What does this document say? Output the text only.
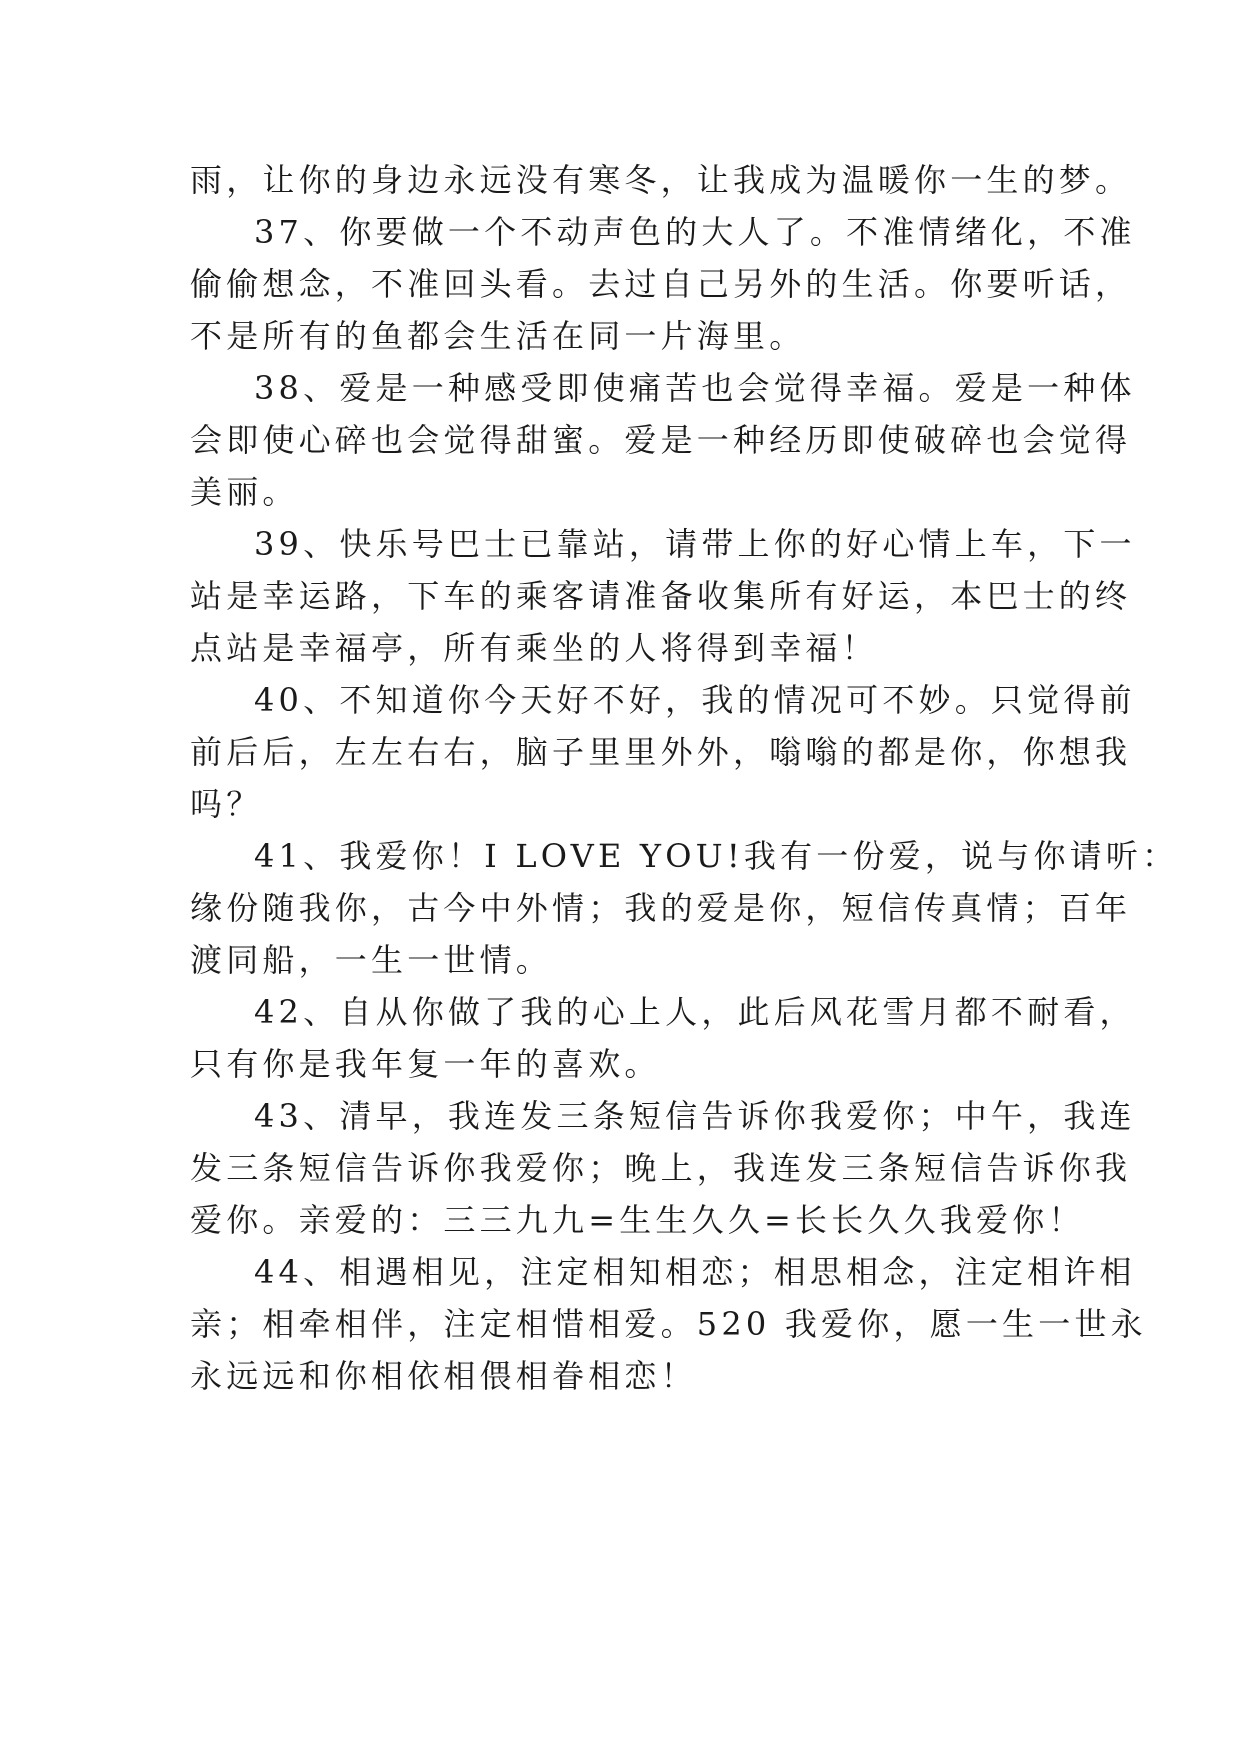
雨，让你的身边永远没有寒冬，让我成为温暖你一生的梦。
37、你要做一个不动声色的大人了。不准情绪化，不准
偷偷想念，不准回头看。去过自己另外的生活。你要听话，
不是所有的鱼都会生活在同一片海里。
38、爱是一种感受即使痛苦也会觉得幸福。爱是一种体
会即使心碎也会觉得甜蜜。爱是一种经历即使破碎也会觉得
美丽。
39、快乐号巴士已靠站，请带上你的好心情上车，下一
站是幸运路，下车的乘客请准备收集所有好运，本巴士的终
点站是幸福亭，所有乘坐的人将得到幸福！
40、不知道你今天好不好，我的情况可不妙。只觉得前
前后后，左左右右，脑子里里外外，嗡嗡的都是你，你想我
吗？
41、我爱你！I LOVE YOU!我有一份爱，说与你请听：
缘份随我你，古今中外情；我的爱是你，短信传真情；百年
渡同船，一生一世情。
42、自从你做了我的心上人，此后风花雪月都不耐看，
只有你是我年复一年的喜欢。
43、清早，我连发三条短信告诉你我爱你；中午，我连
发三条短信告诉你我爱你；晚上，我连发三条短信告诉你我
爱你。亲爱的：三三九九=生生久久=长长久久我爱你！
44、相遇相见，注定相知相恋；相思相念，注定相许相
亲；相牵相伴，注定相惜相爱。520 我爱你，愿一生一世永
永远远和你相依相偎相眷相恋！
